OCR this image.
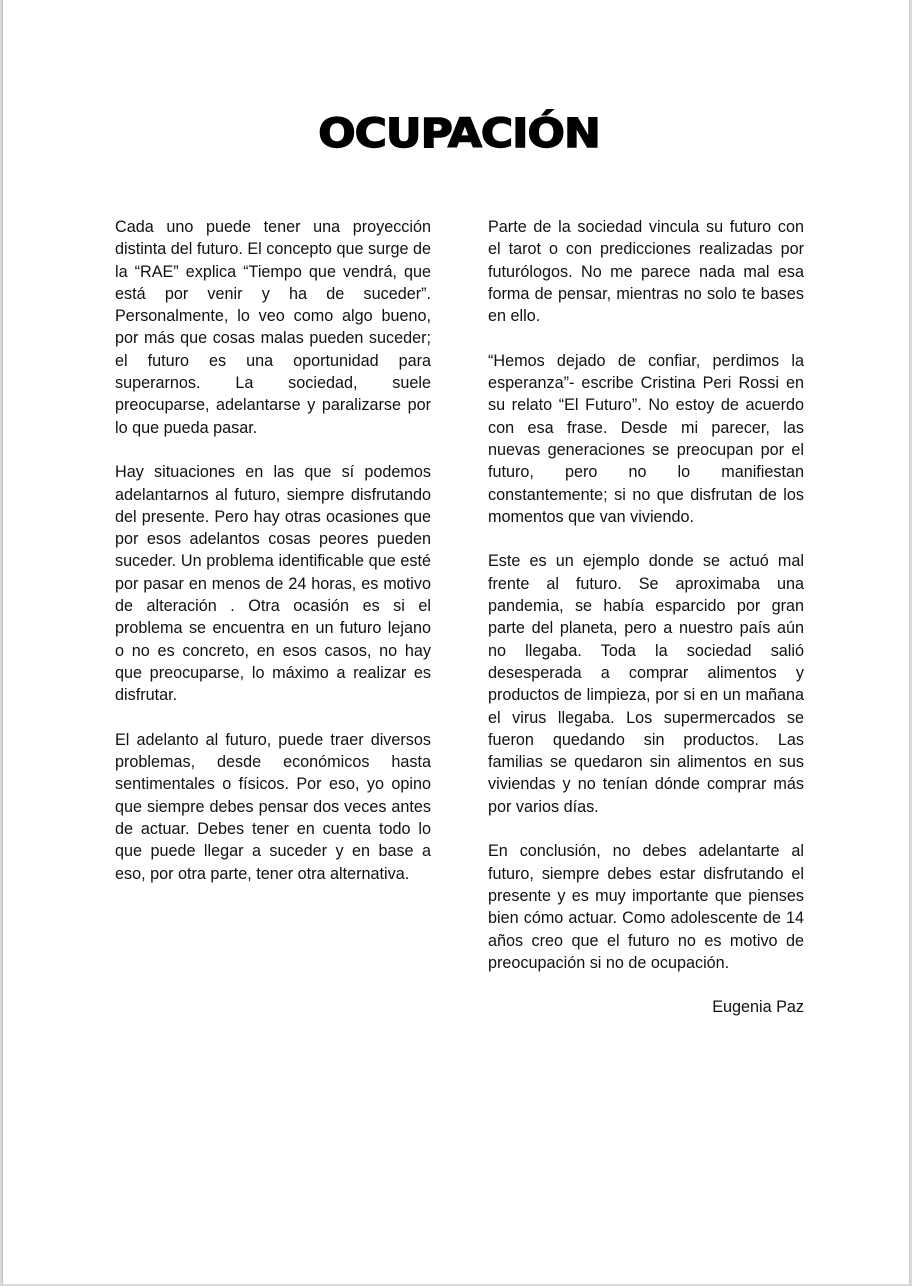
OCUPACIÓN

Cada uno puede tener una proyección distinta del futuro. El concepto que surge de la “RAE” explica “Tiempo que vendrá, que está por venir y ha de suceder”. Personalmente, lo veo como algo bueno, por más que cosas malas pueden suceder; el futuro es una oportunidad para superarnos. La sociedad, suele preocuparse, adelantarse y paralizarse por lo que pueda pasar.

Hay situaciones en las que sí podemos adelantarnos al futuro, siempre disfrutando del presente. Pero hay otras ocasiones que por esos adelantos cosas peores pueden suceder. Un problema identificable que esté por pasar en menos de 24 horas, es motivo de alteración . Otra ocasión es si el problema se encuentra en un futuro lejano o no es concreto, en esos casos, no hay que preocuparse, lo máximo a realizar es disfrutar.

El adelanto al futuro, puede traer diversos problemas, desde económicos hasta sentimentales o físicos. Por eso, yo opino que siempre debes pensar dos veces antes de actuar. Debes tener en cuenta todo lo que puede llegar a suceder y en base a eso, por otra parte, tener otra alternativa.

Parte de la sociedad vincula su futuro con el tarot o con predicciones realizadas por futurólogos. No me parece nada mal esa forma de pensar, mientras no solo te bases en ello.

“Hemos dejado de confiar, perdimos la esperanza”- escribe Cristina Peri Rossi en su relato “El Futuro”. No estoy de acuerdo con esa frase. Desde mi parecer, las nuevas generaciones se preocupan por el futuro, pero no lo manifiestan constantemente; si no que disfrutan de los momentos que van viviendo.

Este es un ejemplo donde se actuó mal frente al futuro. Se aproximaba una pandemia, se había esparcido por gran parte del planeta, pero a nuestro país aún no llegaba. Toda la sociedad salió desesperada a comprar alimentos y productos de limpieza, por si en un mañana el virus llegaba. Los supermercados se fueron quedando sin productos. Las familias se quedaron sin alimentos en sus viviendas y no tenían dónde comprar más por varios días.

En conclusión, no debes adelantarte al futuro, siempre debes estar disfrutando el presente y es muy importante que pienses bien cómo actuar. Como adolescente de 14 años creo que el futuro no es motivo de preocupación si no de ocupación.

Eugenia Paz
